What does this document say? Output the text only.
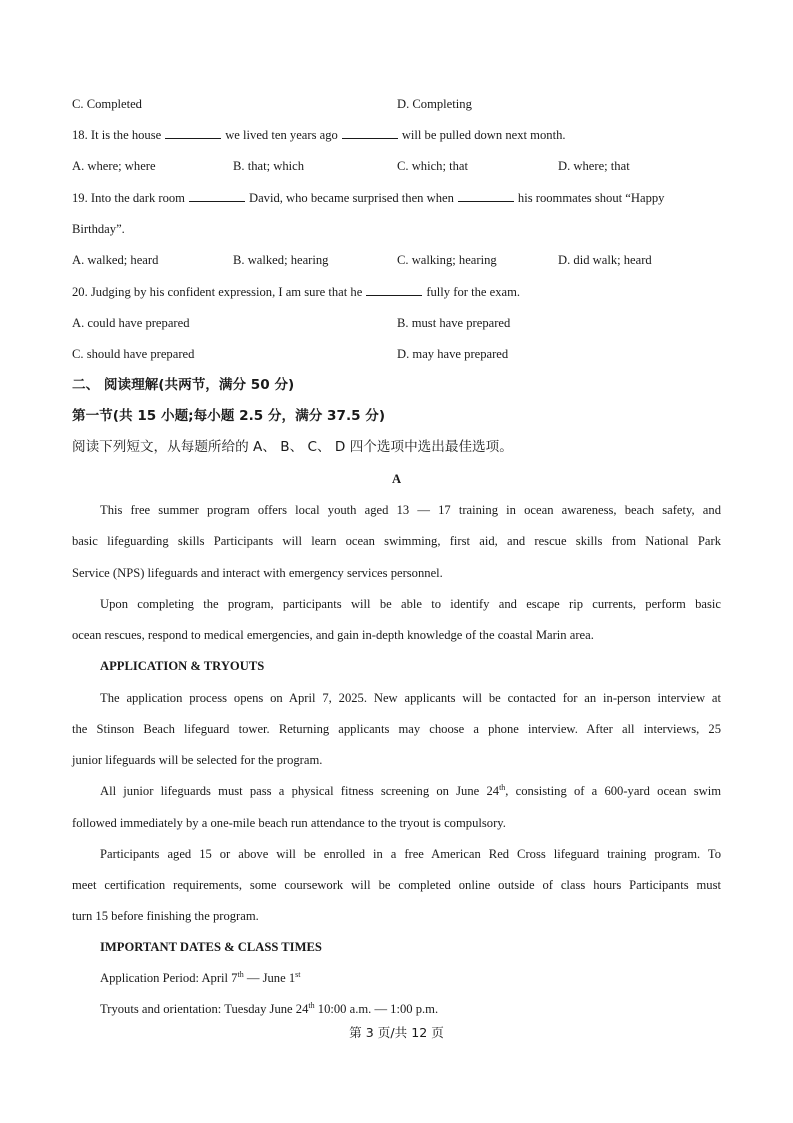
C. Completed	D. Completing
18. It is the house	we lived ten years ago	will be pulled down next month.
A. where; where	B. that; which	C. which; that	D. where; that
19. Into the dark room	David, who became surprised then when	his roommates shout “Happy
Birthday”.
A. walked; heard	B. walked; hearing	C. walking; hearing	D. did walk; heard
20. Judging by his confident expression, I am sure that he	fully for the exam.
A. could have prepared	B. must have prepared
C. should have prepared	D. may have prepared
二、 阅读理解(共两节，满分 50 分)
第一节(共 15 小题;每小题 2.5 分，满分 37.5 分)
阅读下列短文，从每题所给的 A、 B、 C、 D 四个选项中选出最佳选项。
A
This free summer program offers local youth aged 13 — 17 training in ocean awareness, beach safety, and
basic lifeguarding skills Participants will learn ocean swimming, first aid, and rescue skills from National Park
Service (NPS) lifeguards and interact with emergency services personnel.
Upon completing the program, participants will be able to identify and escape rip currents, perform basic
ocean rescues, respond to medical emergencies, and gain in-depth knowledge of the coastal Marin area.
APPLICATION & TRYOUTS
The application process opens on April 7, 2025. New applicants will be contacted for an in-person interview at
the Stinson Beach lifeguard tower. Returning applicants may choose a phone interview. After all interviews, 25
junior lifeguards will be selected for the program.
All junior lifeguards must pass a physical fitness screening on June 24th, consisting of a 600-yard ocean swim
followed immediately by a one-mile beach run attendance to the tryout is compulsory.
Participants aged 15 or above will be enrolled in a free American Red Cross lifeguard training program. To
meet certification requirements, some coursework will be completed online outside of class hours Participants must
turn 15 before finishing the program.
IMPORTANT DATES & CLASS TIMES
Application Period: April 7th — June 1st
Tryouts and orientation: Tuesday June 24th 10:00 a.m. — 1:00 p.m.
第 3 页/共 12 页
